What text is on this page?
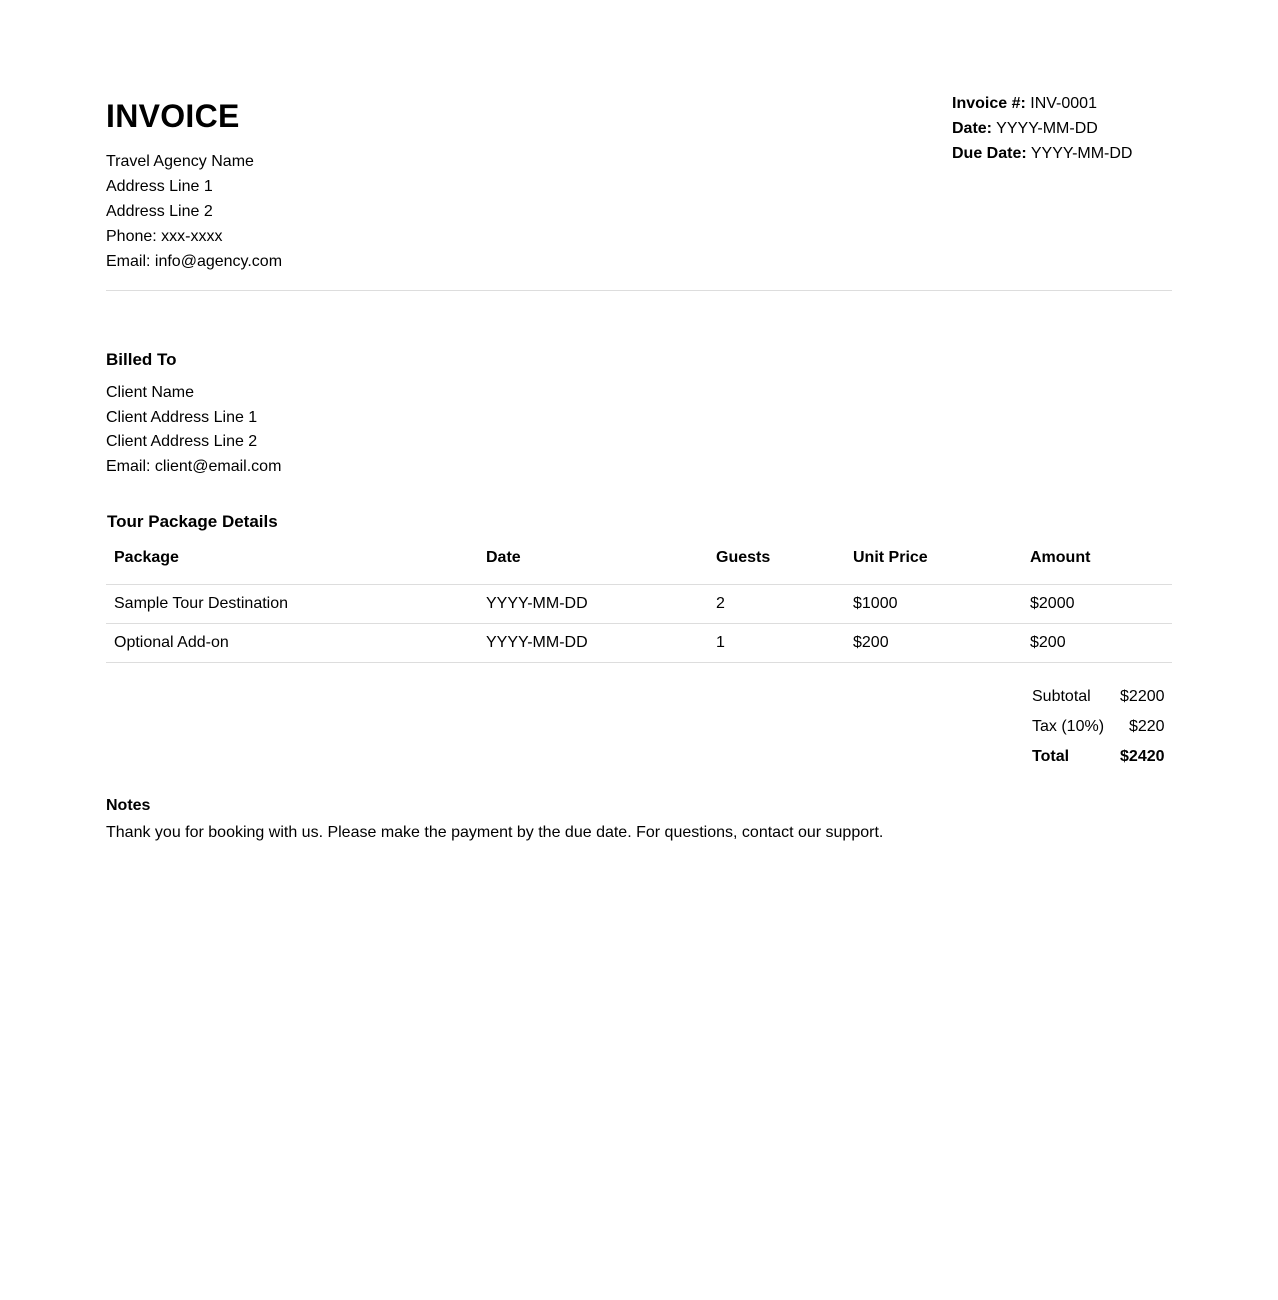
INVOICE
Travel Agency Name
Address Line 1
Address Line 2
Phone: xxx-xxxx
Email: info@agency.com
Invoice #: INV-0001
Date: YYYY-MM-DD
Due Date: YYYY-MM-DD
Billed To
Client Name
Client Address Line 1
Client Address Line 2
Email: client@email.com
Tour Package Details
Package	Date	Guests	Unit Price	Amount
Sample Tour Destination	YYYY-MM-DD	2	$1000	$2000
Optional Add-on	YYYY-MM-DD	1	$200	$200
Subtotal	$2200
Tax (10%)	$220
Total	$2420
Notes
Thank you for booking with us. Please make the payment by the due date. For questions, contact our support.
